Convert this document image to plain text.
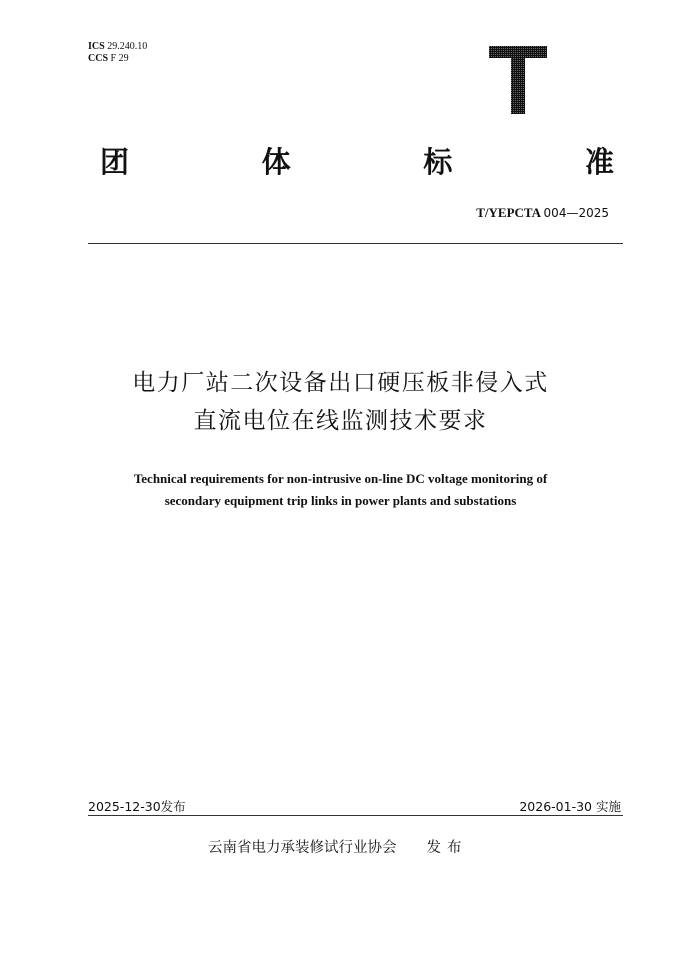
ICS 29.240.10
CCS F 29
团	体	标	准
T/YEPCTA 004—2025
电力厂站二次设备出口硬压板非侵入式
直流电位在线监测技术要求
Technical requirements for non-intrusive on-line DC voltage monitoring of
secondary equipment trip links in power plants and substations
2025-12-30发布	2026-01-30 实施
云南省电力承装修试行业协会 发布
